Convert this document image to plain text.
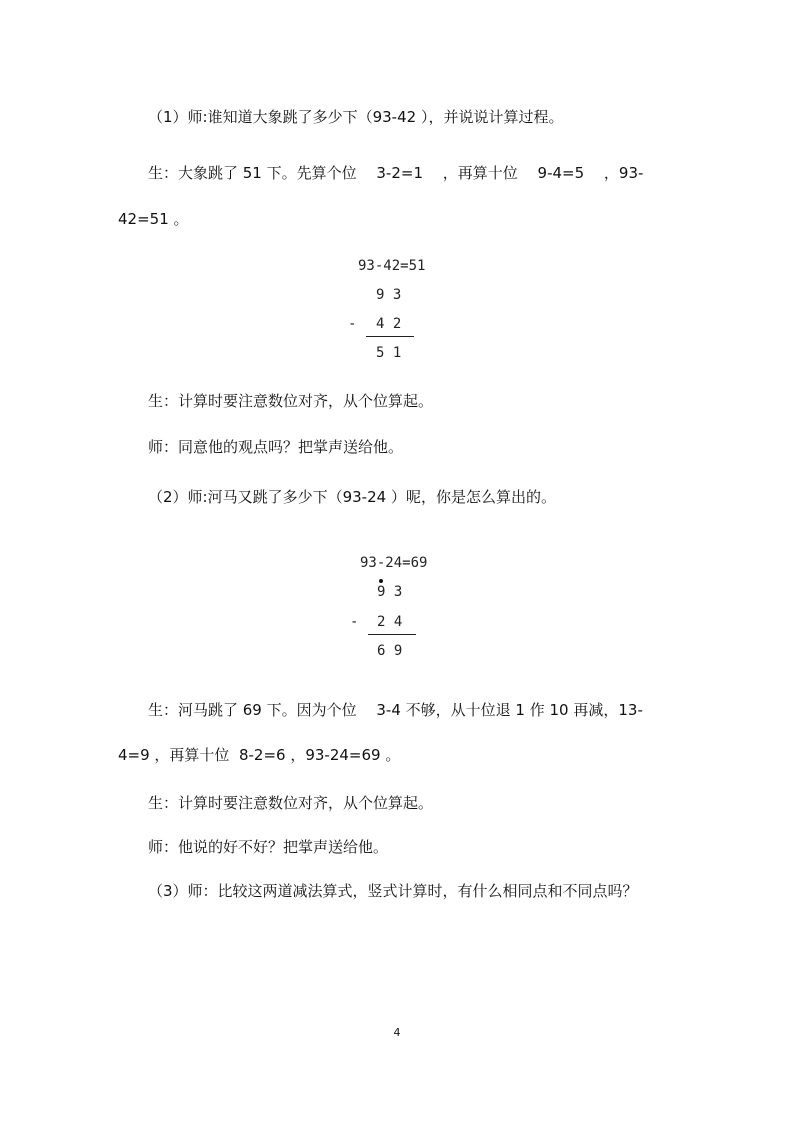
（1）师:谁知道大象跳了多少下（93-42 ），并说说计算过程。
生：大象跳了 51 下。先算个位　 3-2=1　 ，再算十位　 9-4=5　 ，93-
42=51 。
93-42=51
9 3
- 4 2
5 1
生：计算时要注意数位对齐，从个位算起。
师：同意他的观点吗？把掌声送给他。
（2）师:河马又跳了多少下（93-24 ）呢，你是怎么算出的。
93-24=69
9 3
- 2 4
6 9
生：河马跳了 69 下。因为个位　 3-4 不够，从十位退 1 作 10 再减，13-
4=9 ，再算十位  8-2=6 ，93-24=69 。
生：计算时要注意数位对齐，从个位算起。
师：他说的好不好？把掌声送给他。
（3）师：比较这两道减法算式，竖式计算时，有什么相同点和不同点吗？
4
